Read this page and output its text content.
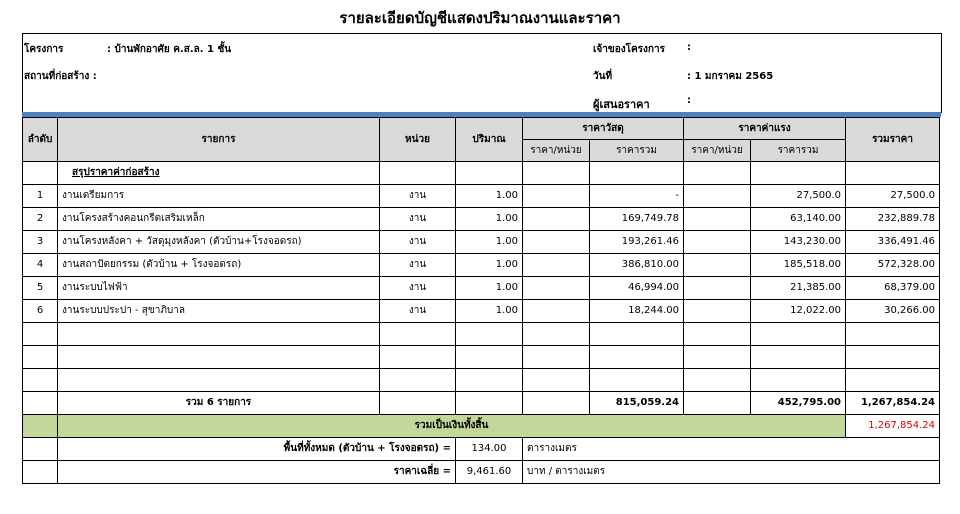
รายละเอียดบัญชีแสดงปริมาณงานและราคา
โครงการ	: บ้านพักอาศัย ค.ส.ล. 1 ชั้น
สถานที่ก่อสร้าง :
เจ้าของโครงการ :
วันที่	: 1 มกราคม 2565
ผู้เสนอราคา	:
ลำดับ	รายการ	หน่วย	ปริมาณ	ราคาวัสดุ		ราคาค่าแรง		รวมราคา
				ราคา/หน่วย	ราคารวม	ราคา/หน่วย	ราคารวม	
	สรุปราคาค่าก่อสร้าง							
1	งานเตรียมการ	งาน	1.00		-		27,500.0	27,500.0
2	งานโครงสร้างคอนกรีตเสริมเหล็ก	งาน	1.00		169,749.78		63,140.00	232,889.78
3	งานโครงหลังคา + วัสดุมุงหลังคา (ตัวบ้าน+โรงจอดรถ)	งาน	1.00		193,261.46		143,230.00	336,491.46
4	งานสถาปัตยกรรม (ตัวบ้าน + โรงจอดรถ)	งาน	1.00		386,810.00		185,518.00	572,328.00
5	งานระบบไฟฟ้า	งาน	1.00		46,994.00		21,385.00	68,379.00
6	งานระบบประปา - สุขาภิบาล	งาน	1.00		18,244.00		12,022.00	30,266.00

	รวม 6 รายการ				815,059.24		452,795.00	1,267,854.24
	รวมเป็นเงินทั้งสิ้น							1,267,854.24
	พื้นที่ทั้งหมด (ตัวบ้าน + โรงจอดรถ) =		134.00	ตารางเมตร				
	ราคาเฉลี่ย =		9,461.60	บาท / ตารางเมตร				
